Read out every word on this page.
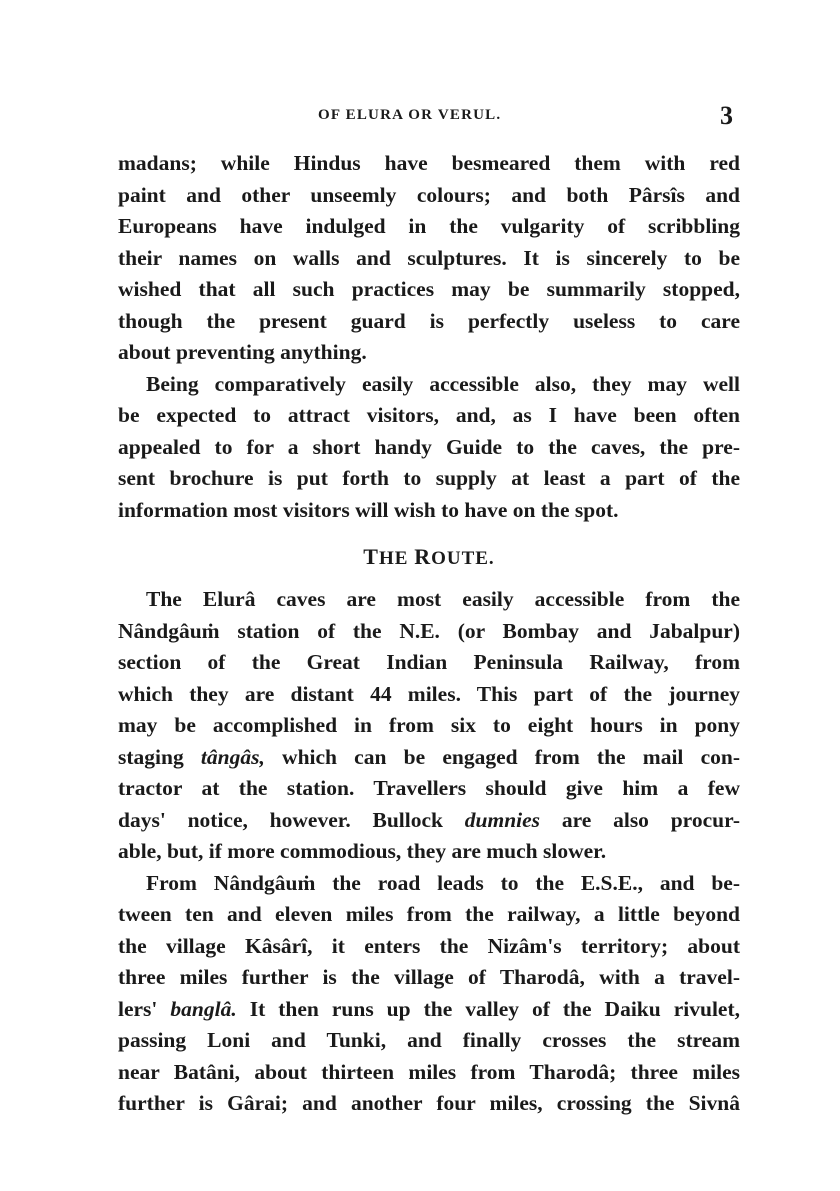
OF ELURA OR VERUL.	3

madans; while Hindus have besmeared them with red
paint and other unseemly colours; and both Pârsîs and
Europeans have indulged in the vulgarity of scribbling
their names on walls and sculptures. It is sincerely to be
wished that all such practices may be summarily stopped,
though the present guard is perfectly useless to care
about preventing anything.

Being comparatively easily accessible also, they may well
be expected to attract visitors, and, as I have been often
appealed to for a short handy Guide to the caves, the pre-
sent brochure is put forth to supply at least a part of the
information most visitors will wish to have on the spot.

THE ROUTE.

The Elurâ caves are most easily accessible from the
Nândgâuṁ station of the N.E. (or Bombay and Jabalpur)
section of the Great Indian Peninsula Railway, from
which they are distant 44 miles. This part of the journey
may be accomplished in from six to eight hours in pony
staging tângâs, which can be engaged from the mail con-
tractor at the station. Travellers should give him a few
days' notice, however. Bullock dumnies are also procur-
able, but, if more commodious, they are much slower.

From Nândgâuṁ the road leads to the E.S.E., and be-
tween ten and eleven miles from the railway, a little beyond
the village Kâsârî, it enters the Nizâm's territory; about
three miles further is the village of Tharodâ, with a travel-
lers' banglâ. It then runs up the valley of the Daiku rivulet,
passing Loni and Tunki, and finally crosses the stream
near Batâni, about thirteen miles from Tharodâ; three miles
further is Gârai; and another four miles, crossing the Sivnâ
